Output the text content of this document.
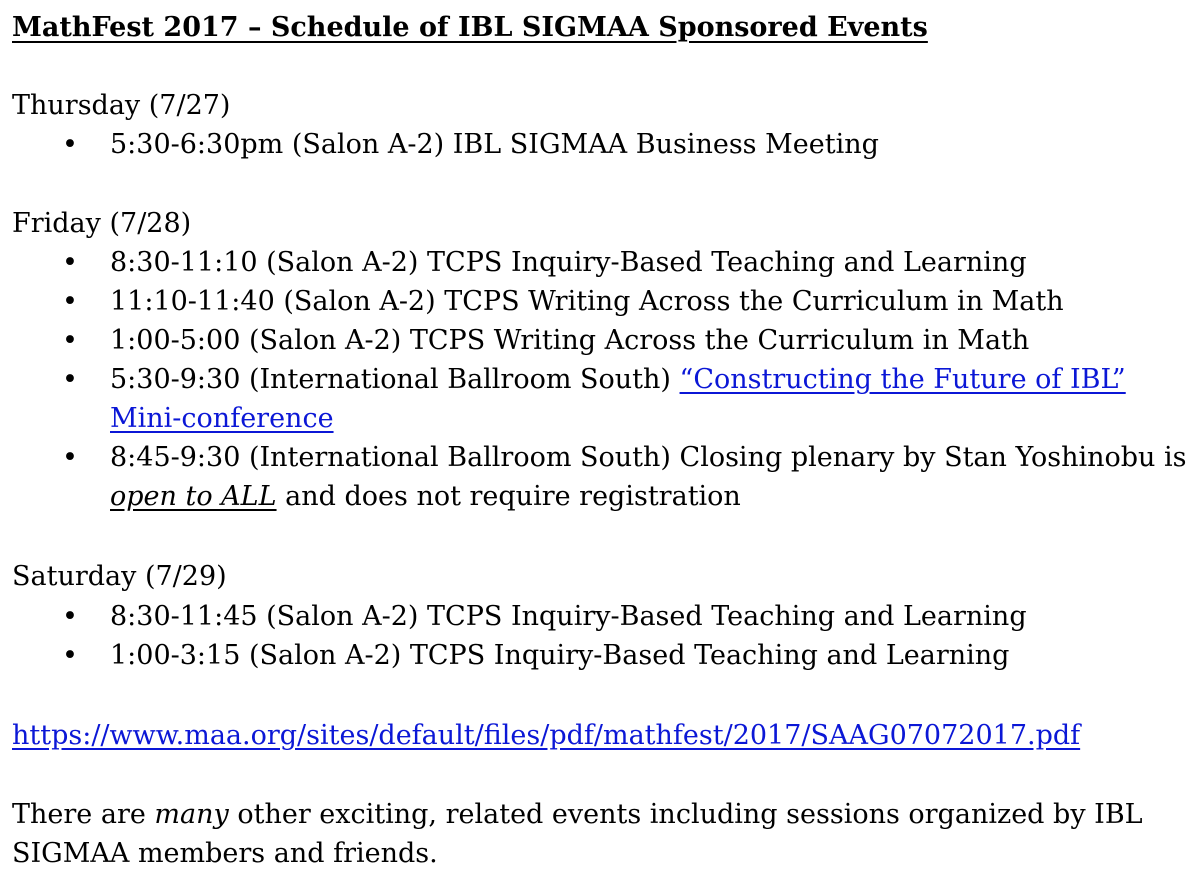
MathFest 2017 – Schedule of IBL SIGMAA Sponsored Events
Thursday (7/27)
• 5:30-6:30pm (Salon A-2) IBL SIGMAA Business Meeting
Friday (7/28)
• 8:30-11:10 (Salon A-2) TCPS Inquiry-Based Teaching and Learning
• 11:10-11:40 (Salon A-2) TCPS Writing Across the Curriculum in Math
• 1:00-5:00 (Salon A-2) TCPS Writing Across the Curriculum in Math
• 5:30-9:30 (International Ballroom South) “Constructing the Future of IBL” Mini-conference
• 8:45-9:30 (International Ballroom South) Closing plenary by Stan Yoshinobu is open to ALL and does not require registration
Saturday (7/29)
• 8:30-11:45 (Salon A-2) TCPS Inquiry-Based Teaching and Learning
• 1:00-3:15 (Salon A-2) TCPS Inquiry-Based Teaching and Learning
https://www.maa.org/sites/default/files/pdf/mathfest/2017/SAAG07072017.pdf
There are many other exciting, related events including sessions organized by IBL SIGMAA members and friends.
